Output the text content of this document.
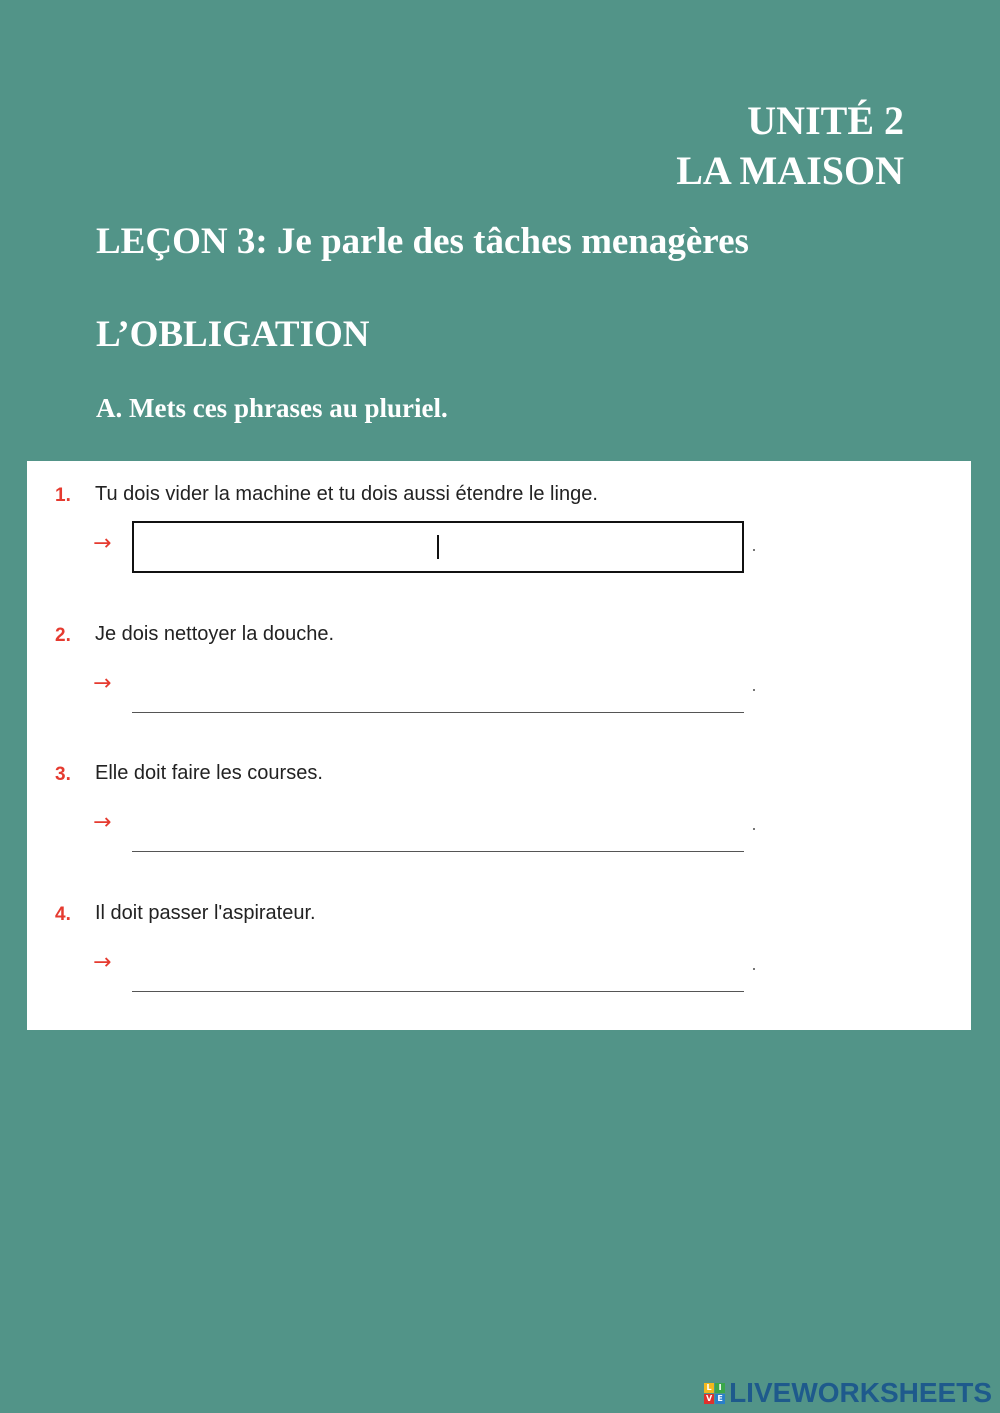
UNITÉ 2
LA MAISON
LEÇON 3: Je parle des tâches menagères
L’OBLIGATION
A. Mets ces phrases au pluriel.
1. Tu dois vider la machine et tu dois aussi étendre le linge.
→
2. Je dois nettoyer la douche.
→
3. Elle doit faire les courses.
→
4. Il doit passer l'aspirateur.
→
L I
V E LIVEWORKSHEETS
